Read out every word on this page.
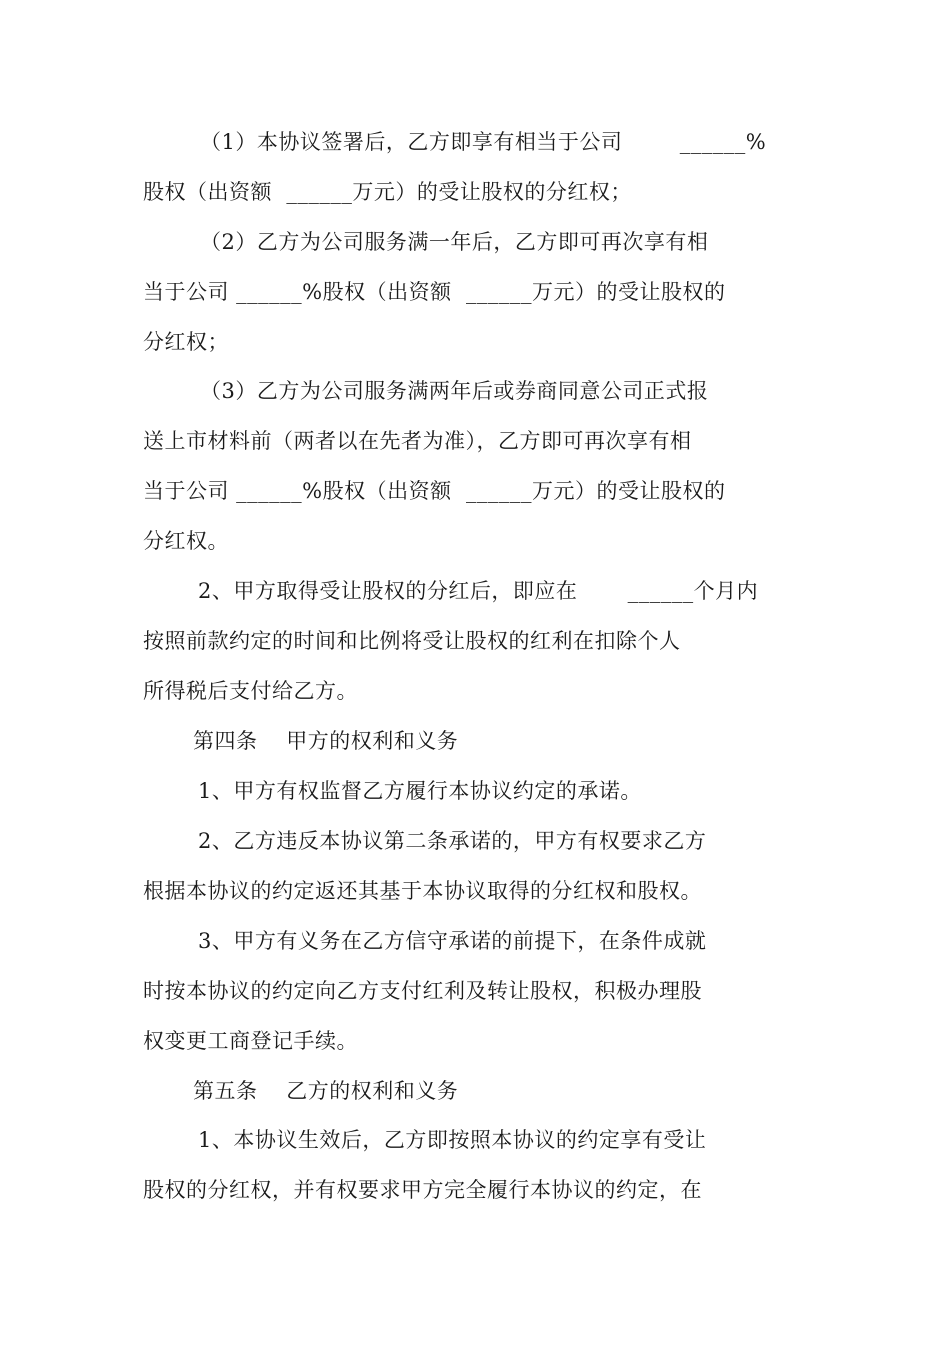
（1）本协议签署后，乙方即享有相当于公司        ______%
股权（出资额  ______万元）的受让股权的分红权；
（2）乙方为公司服务满一年后，乙方即可再次享有相
当于公司 ______%股权（出资额  ______万元）的受让股权的
分红权；
（3）乙方为公司服务满两年后或券商同意公司正式报
送上市材料前（两者以在先者为准），乙方即可再次享有相
当于公司 ______%股权（出资额  ______万元）的受让股权的
分红权。
2、甲方取得受让股权的分红后，即应在       ______个月内
按照前款约定的时间和比例将受让股权的红利在扣除个人
所得税后支付给乙方。
第四条    甲方的权利和义务
1、甲方有权监督乙方履行本协议约定的承诺。
2、乙方违反本协议第二条承诺的，甲方有权要求乙方
根据本协议的约定返还其基于本协议取得的分红权和股权。
3、甲方有义务在乙方信守承诺的前提下，在条件成就
时按本协议的约定向乙方支付红利及转让股权，积极办理股
权变更工商登记手续。
第五条    乙方的权利和义务
1、本协议生效后，乙方即按照本协议的约定享有受让
股权的分红权，并有权要求甲方完全履行本协议的约定，在
